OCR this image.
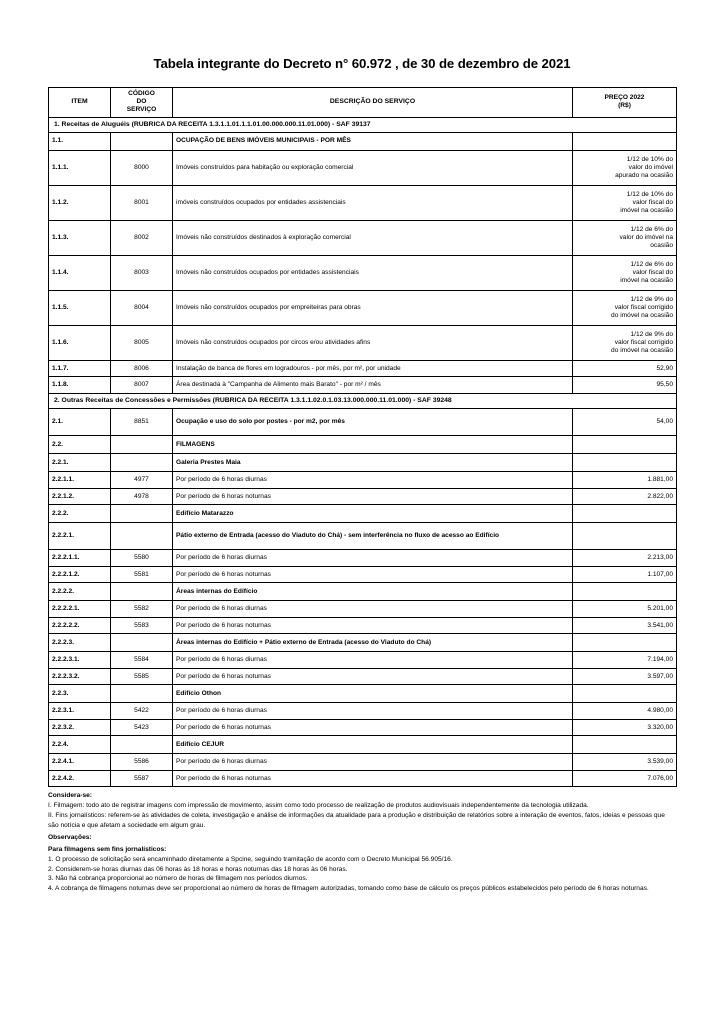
Tabela integrante do Decreto n° 60.972 , de 30 de dezembro de 2021
ITEM	
CÓDIGO
DO
SERVIÇO
	DESCRIÇÃO DO SERVIÇO	
PREÇO 2022
(R$)

1. Receitas de Aluguéis (RUBRICA DA RECEITA 1.3.1.1.01.1.1.01.00.000.000.11.01.000) - SAF 39137			
1.1.		OCUPAÇÃO DE BENS IMÓVEIS MUNICIPAIS - POR MÊS	
1.1.1.	8000	Imóveis construídos para habitação ou exploração comercial	1/12 de 10% do
valor do imóvel
apurado na ocasião

1.1.2.	8001	imóveis construídos ocupados por entidades assistenciais	1/12 de 10% do
valor fiscal do
imóvel na ocasião

1.1.3.	8002	Imóveis não construídos destinados à exploração comercial	1/12 de 6% do
valor do imóvel na
ocasião

1.1.4.	8003	Imóveis não construídos ocupados por entidades assistenciais	1/12 de 6% do
valor fiscal do
imóvel na ocasião

1.1.5.	8004	Imóveis não construídos ocupados por empreiteiras para obras	1/12 de 9% do
valor fiscal corrigido
do imóvel na ocasião

1.1.6.	8005	Imóveis não construídos ocupados por circos e/ou atividades afins	1/12 de 9% do
valor fiscal corrigido
do imóvel na ocasião

1.1.7.	8006	Instalação de banca de flores em logradouros - por mês, por m², por unidade	52,90
1.1.8.	8007	Área destinada à "Campanha de Alimento mais Barato" - por m² / mês	95,50
2. Outras Receitas de Concessões e Permissões (RUBRICA DA RECEITA 1.3.1.1.02.0.1.03.13.000.000.11.01.000) - SAF 39248			
2.1.	8851	Ocupação e uso do solo por postes - por m2, por mês	54,00
2.2.		FILMAGENS	
2.2.1.		Galeria Prestes Maia	
2.2.1.1.	4977	Por período de 6 horas diurnas	1.881,00
2.2.1.2.	4978	Por período de 6 horas noturnas	2.822,00
2.2.2.		Edifício Matarazzo	
2.2.2.1.		Pátio externo de Entrada (acesso do Viaduto do Chá) - sem interferência no fluxo de acesso ao Edifício	
2.2.2.1.1.	5580	Por período de 6 horas diurnas	2.213,00
2.2.2.1.2.	5581	Por período de 6 horas noturnas	1.107,00
2.2.2.2.		Áreas internas do Edifício	
2.2.2.2.1.	5582	Por período de 6 horas diurnas	5.201,00
2.2.2.2.2.	5583	Por período de 6 horas noturnas	3.541,00
2.2.2.3.		Áreas internas do Edifício + Pátio externo de Entrada (acesso do Viaduto do Chá)	
2.2.2.3.1.	5584	Por período de 6 horas diurnas	7.194,00
2.2.2.3.2.	5585	Por período de 6 horas noturnas	3.597,00
2.2.3.		Edifício Othon	
2.2.3.1.	5422	Por período de 6 horas diurnas	4.980,00
2.2.3.2.	5423	Por período de 6 horas noturnas	3.320,00
2.2.4.		Edifício CEJUR	
2.2.4.1.	5586	Por período de 6 horas diurnas	3.539,00
2.2.4.2.	5587	Por período de 6 horas noturnas	7.076,00

Considera-se:

I. Filmagem: todo ato de registrar imagens com impressão de movimento, assim como todo processo de realização de produtos audiovisuais independentemente da tecnologia utilizada.

II. Fins jornalísticos: referem-se às atividades de coleta, investigação e análise de informações da atualidade para a produção e distribuição de relatórios sobre a interação de eventos, fatos, ideias e pessoas que são notícia e que afetam a sociedade em algum grau.

Observações:

Para filmagens sem fins jornalísticos:

1. O processo de solicitação será encaminhado diretamente a Spcine, seguindo tramitação de acordo com o Decreto Municipal 56.905/16.

2. Considerem-se horas diurnas das 06 horas às 18 horas e horas noturnas das 18 horas às 06 horas.

3. Não há cobrança proporcional ao número de horas de filmagem nos períodos diurnos.

4. A cobrança de filmagens noturnas deve ser proporcional ao número de horas de filmagem autorizadas, tomando como base de cálculo os preços públicos estabelecidos pelo período de 6 horas noturnas.
